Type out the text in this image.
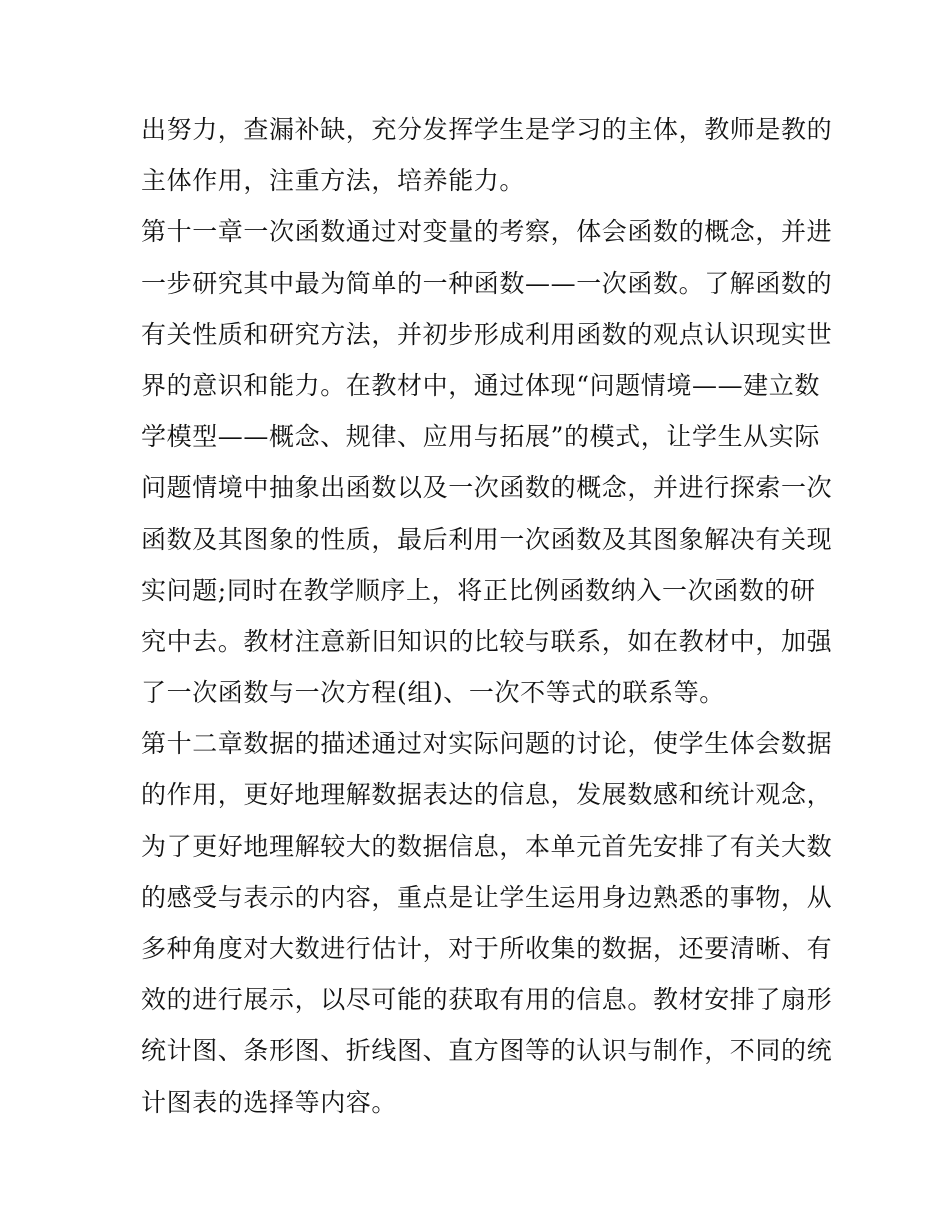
出努力，查漏补缺，充分发挥学生是学习的主体，教师是教的
主体作用，注重方法，培养能力。
第十一章一次函数通过对变量的考察，体会函数的概念，并进
一步研究其中最为简单的一种函数——一次函数。了解函数的
有关性质和研究方法，并初步形成利用函数的观点认识现实世
界的意识和能力。在教材中，通过体现“问题情境——建立数
学模型——概念、规律、应用与拓展”的模式，让学生从实际
问题情境中抽象出函数以及一次函数的概念，并进行探索一次
函数及其图象的性质，最后利用一次函数及其图象解决有关现
实问题;同时在教学顺序上，将正比例函数纳入一次函数的研
究中去。教材注意新旧知识的比较与联系，如在教材中，加强
了一次函数与一次方程(组)、一次不等式的联系等。
第十二章数据的描述通过对实际问题的讨论，使学生体会数据
的作用，更好地理解数据表达的信息，发展数感和统计观念，
为了更好地理解较大的数据信息，本单元首先安排了有关大数
的感受与表示的内容，重点是让学生运用身边熟悉的事物，从
多种角度对大数进行估计，对于所收集的数据，还要清晰、有
效的进行展示，以尽可能的获取有用的信息。教材安排了扇形
统计图、条形图、折线图、直方图等的认识与制作，不同的统
计图表的选择等内容。
